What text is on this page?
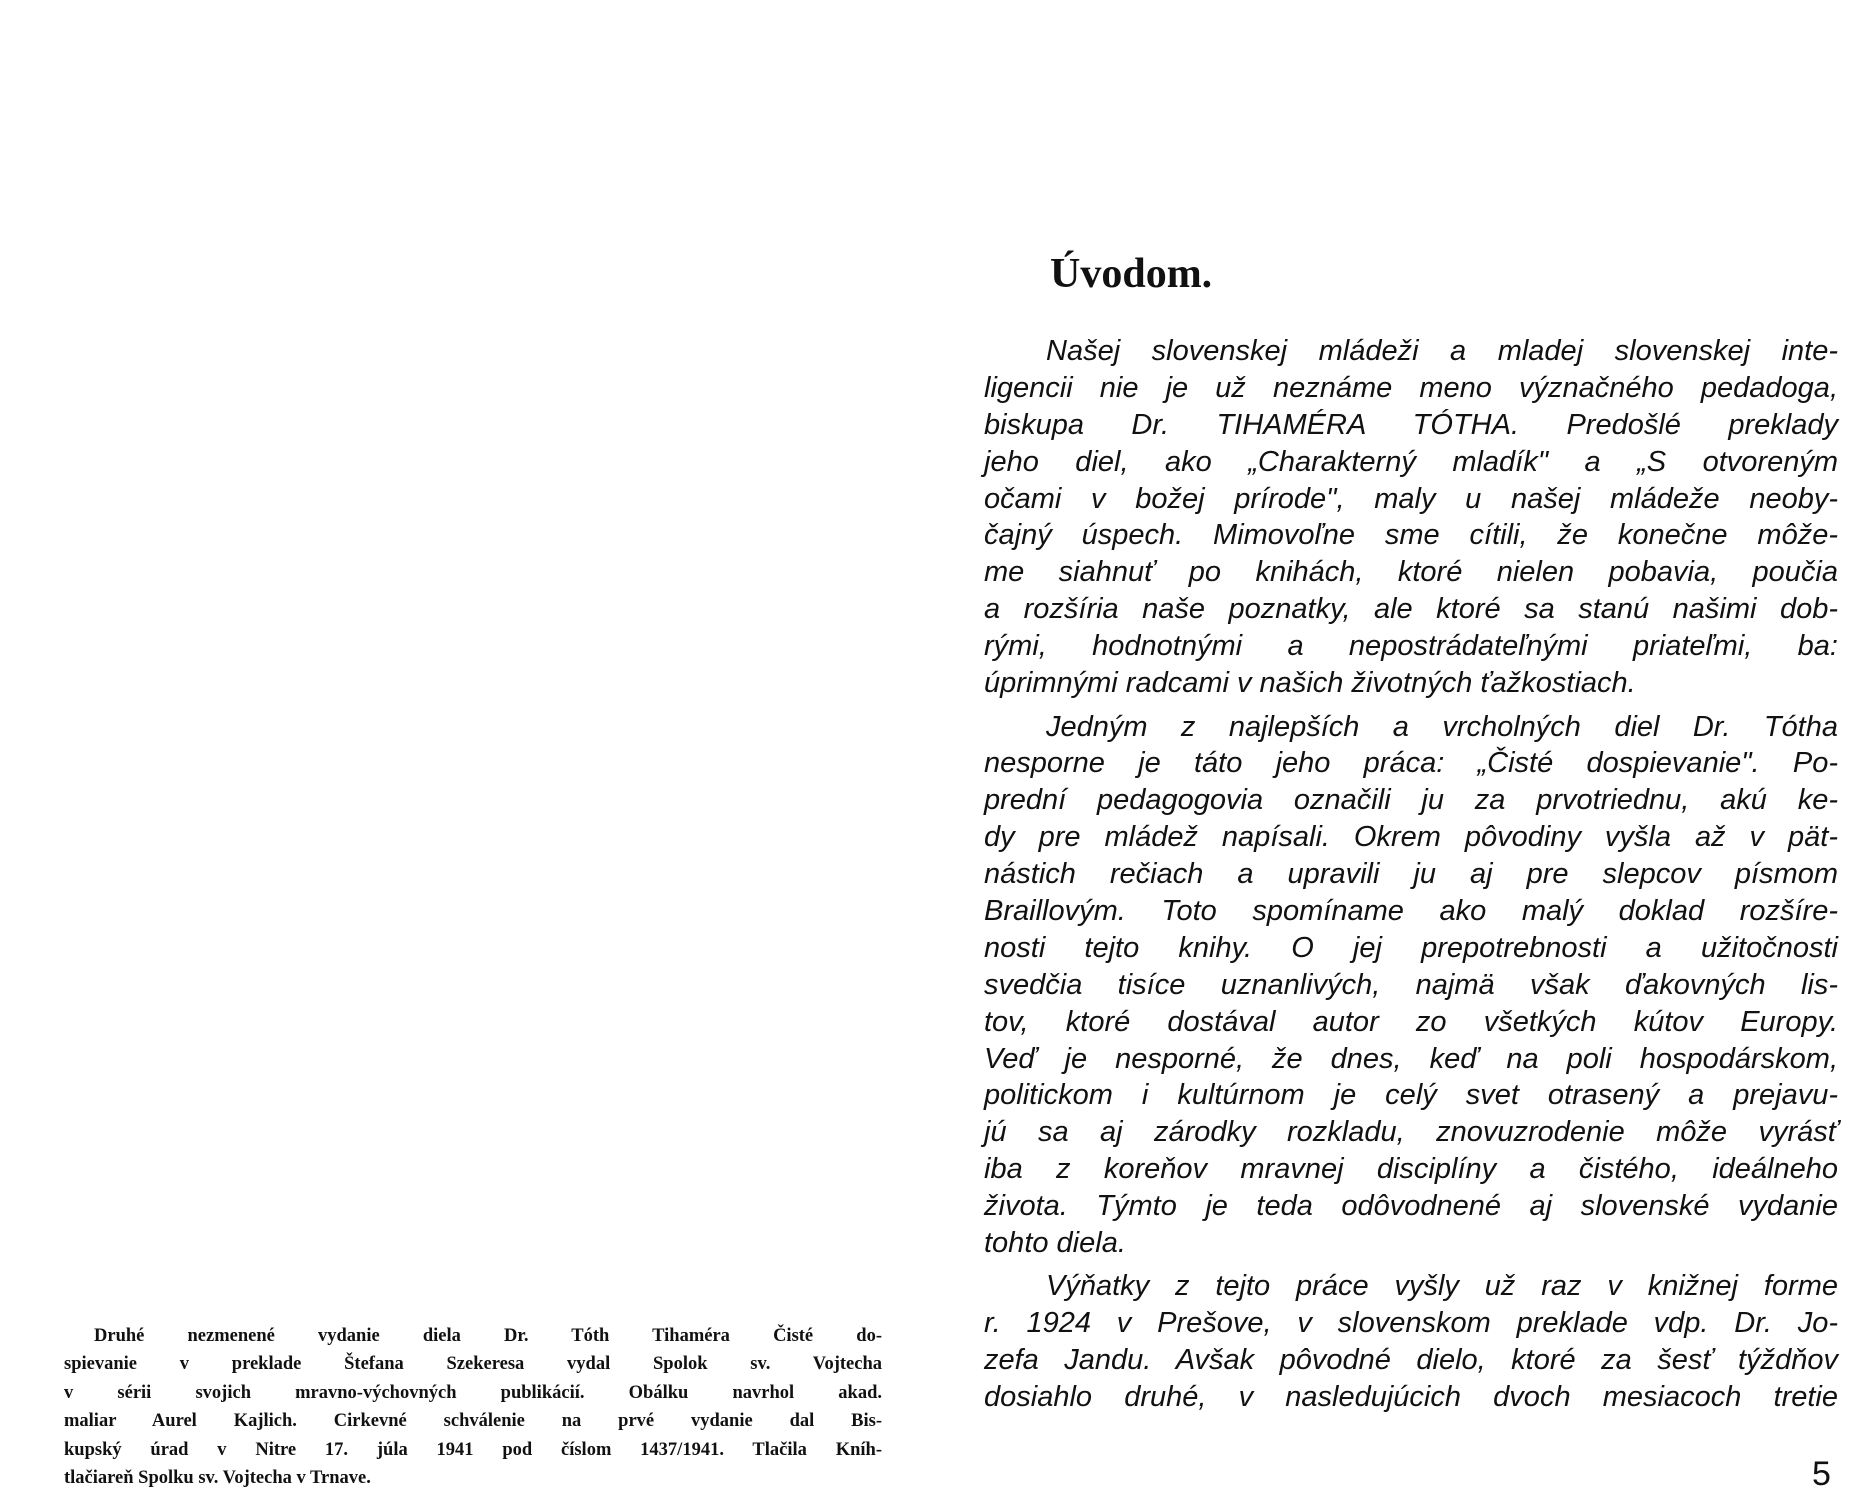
Úvodom.
Našej slovenskej mládeži a mladej slovenskej inte-
ligencii nie je už neznáme meno význačného pedadoga,
biskupa Dr. TIHAMÉRA TÓTHA. Predošlé preklady
jeho diel, ako „Charakterný mladík" a „S otvoreným
očami v božej prírode", maly u našej mládeže neoby-
čajný úspech. Mimovoľne sme cítili, že konečne môže-
me siahnuť po knihách, ktoré nielen pobavia, poučia
a rozšíria naše poznatky, ale ktoré sa stanú našimi dob-
rými, hodnotnými a nepostrádateľnými priateľmi, ba:
úprimnými radcami v našich životných ťažkostiach.
Jedným z najlepších a vrcholných diel Dr. Tótha
nesporne je táto jeho práca: „Čisté dospievanie". Po-
prední pedagogovia označili ju za prvotriednu, akú ke-
dy pre mládež napísali. Okrem pôvodiny vyšla až v pät-
nástich rečiach a upravili ju aj pre slepcov písmom
Braillovým. Toto spomíname ako malý doklad rozšíre-
nosti tejto knihy. O jej prepotrebnosti a užitočnosti
svedčia tisíce uznanlivých, najmä však ďakovných lis-
tov, ktoré dostával autor zo všetkých kútov Europy.
Veď je nesporné, že dnes, keď na poli hospodárskom,
politickom i kultúrnom je celý svet otrasený a prejavu-
jú sa aj zárodky rozkladu, znovuzrodenie môže vyrásť
iba z koreňov mravnej disciplíny a čistého, ideálneho
života. Týmto je teda odôvodnené aj slovenské vydanie
tohto diela.
Výňatky z tejto práce vyšly už raz v knižnej forme
r. 1924 v Prešove, v slovenskom preklade vdp. Dr. Jo-
zefa Jandu. Avšak pôvodné dielo, ktoré za šesť týždňov
dosiahlo druhé, v nasledujúcich dvoch mesiacoch tretie
Druhé nezmenené vydanie diela Dr. Tóth Tihaméra Čisté do-
spievanie v preklade Štefana Szekeresa vydal Spolok sv. Vojtecha
v sérii svojich mravno-výchovných publikácií. Obálku navrhol akad.
maliar Aurel Kajlich. Cirkevné schválenie na prvé vydanie dal Bis-
kupský úrad v Nitre 17. júla 1941 pod číslom 1437/1941. Tlačila Kníh-
tlačiareň Spolku sv. Vojtecha v Trnave.	5
